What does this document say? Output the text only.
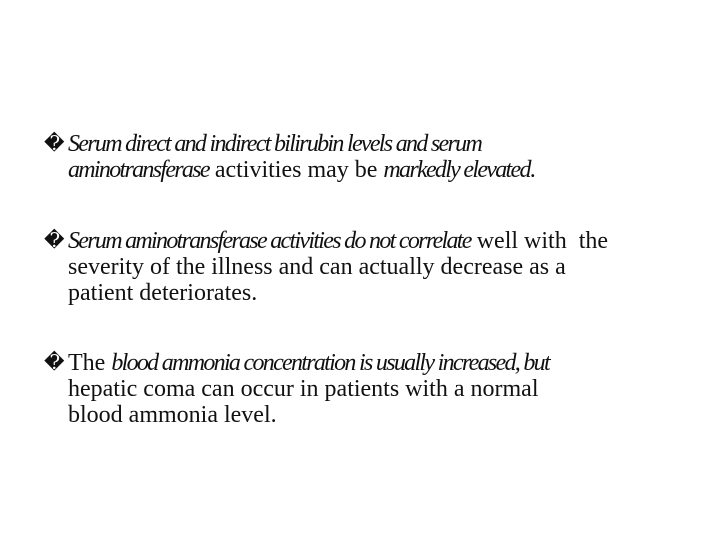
� Serum direct and indirect bilirubin levels and serum
aminotransferase activities may be markedly elevated.
� Serum aminotransferase activities do not correlate well with  the
severity of the illness and can actually decrease as a
patient deteriorates.
� The blood ammonia concentration is usually increased, but
hepatic coma can occur in patients with a normal
blood ammonia level.
